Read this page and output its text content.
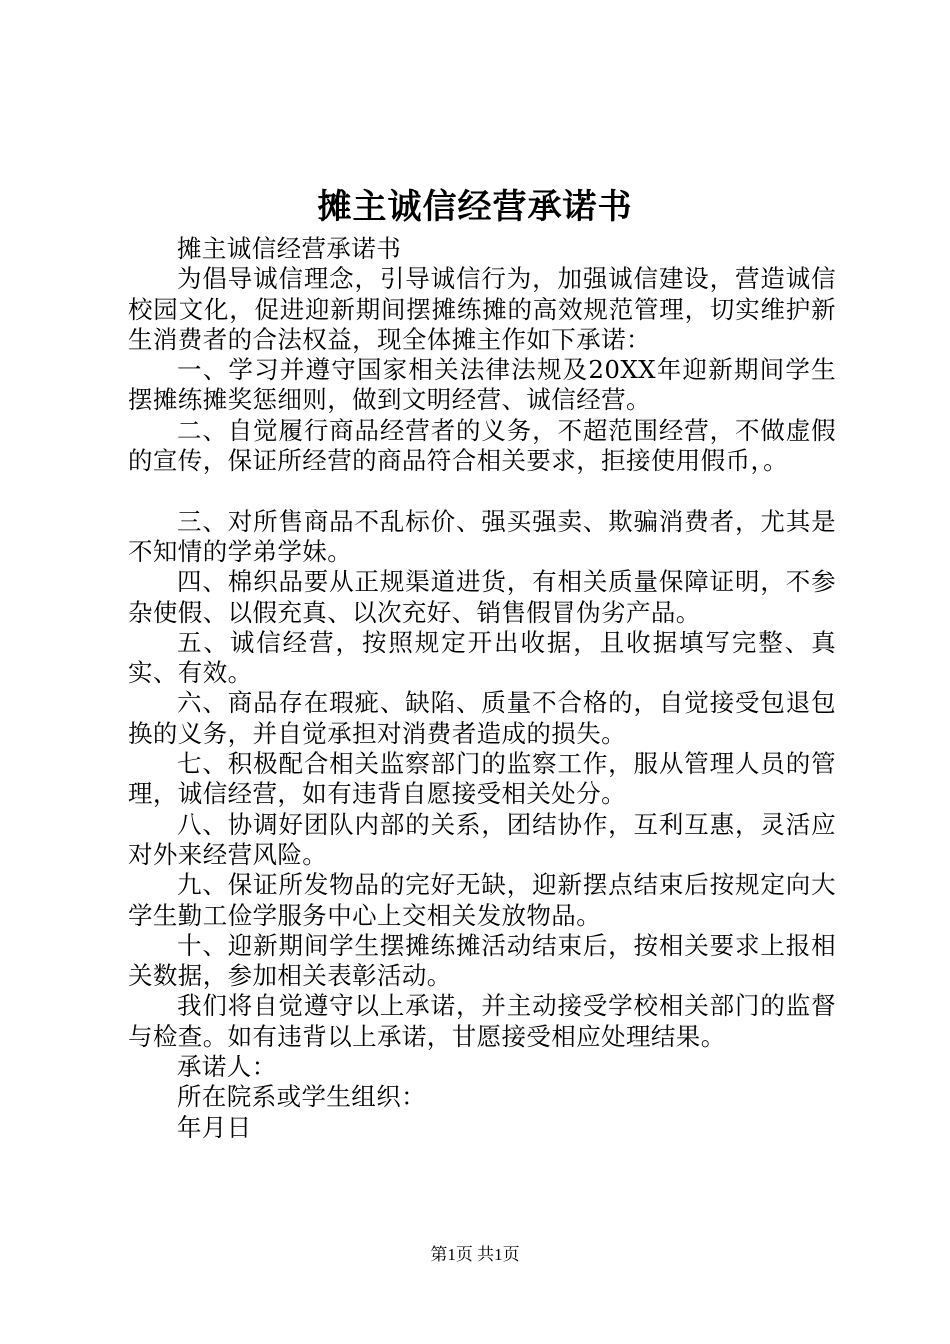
摊主诚信经营承诺书

摊主诚信经营承诺书

为倡导诚信理念，引导诚信行为，加强诚信建设，营造诚信校园文化，促进迎新期间摆摊练摊的高效规范管理，切实维护新生消费者的合法权益，现全体摊主作如下承诺：

一、学习并遵守国家相关法律法规及20XX年迎新期间学生摆摊练摊奖惩细则，做到文明经营、诚信经营。

二、自觉履行商品经营者的义务，不超范围经营，不做虚假的宣传，保证所经营的商品符合相关要求，拒接使用假币，。

三、对所售商品不乱标价、强买强卖、欺骗消费者，尤其是不知情的学弟学妹。

四、棉织品要从正规渠道进货，有相关质量保障证明，不参杂使假、以假充真、以次充好、销售假冒伪劣产品。

五、诚信经营，按照规定开出收据，且收据填写完整、真实、有效。

六、商品存在瑕疵、缺陷、质量不合格的，自觉接受包退包换的义务，并自觉承担对消费者造成的损失。

七、积极配合相关监察部门的监察工作，服从管理人员的管理，诚信经营，如有违背自愿接受相关处分。

八、协调好团队内部的关系，团结协作，互利互惠，灵活应对外来经营风险。

九、保证所发物品的完好无缺，迎新摆点结束后按规定向大学生勤工俭学服务中心上交相关发放物品。

十、迎新期间学生摆摊练摊活动结束后，按相关要求上报相关数据，参加相关表彰活动。

我们将自觉遵守以上承诺，并主动接受学校相关部门的监督与检查。如有违背以上承诺，甘愿接受相应处理结果。

承诺人：

所在院系或学生组织：

年月日

第1页 共1页
